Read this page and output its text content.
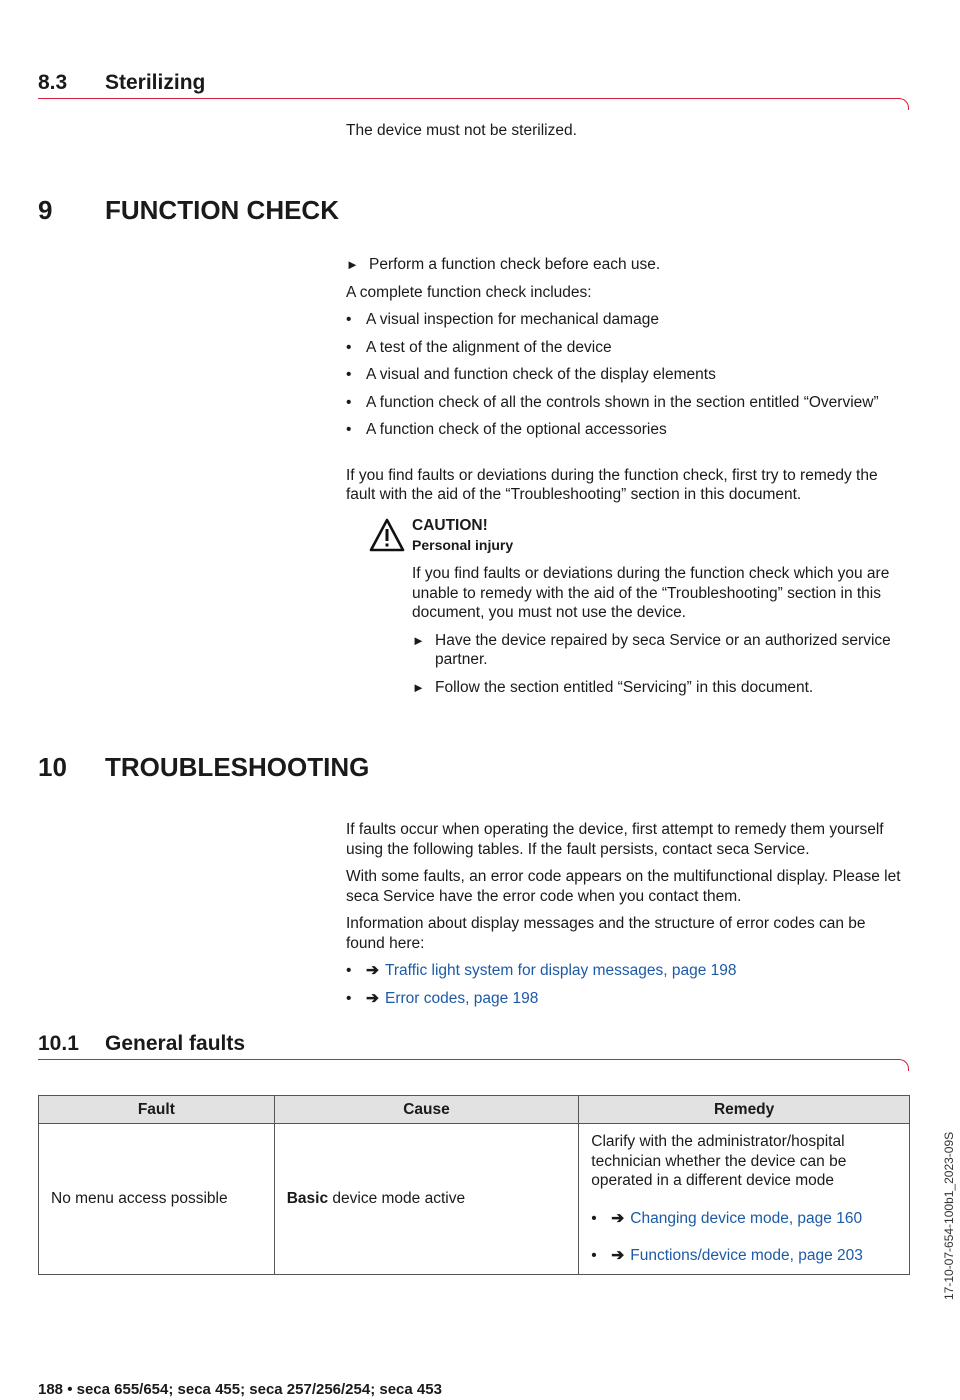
8.3 Sterilizing

The device must not be sterilized.

9 FUNCTION CHECK

► Perform a function check before each use.

A complete function check includes:

• A visual inspection for mechanical damage

• A test of the alignment of the device

• A visual and function check of the display elements

• A function check of all the controls shown in the section entitled “Overview”

• A function check of the optional accessories

If you find faults or deviations during the function check, first try to remedy the fault with the aid of the “Troubleshooting” section in this document.

CAUTION!

Personal injury

If you find faults or deviations during the function check which you are unable to remedy with the aid of the “Troubleshooting” section in this document, you must not use the device.

► Have the device repaired by seca Service or an authorized service partner.

► Follow the section entitled “Servicing” in this document.

10 TROUBLESHOOTING

If faults occur when operating the device, first attempt to remedy them yourself using the following tables. If the fault persists, contact seca Service.

With some faults, an error code appears on the multifunctional display. Please let seca Service have the error code when you contact them.

Information about display messages and the structure of error codes can be found here:

• ➔ Traffic light system for display messages, page 198

• ➔ Error codes, page 198

10.1 General faults
Fault	Cause	Remedy
No menu access possible	Basic device mode active	Clarify with the administrator/hospital technician whether the device can be operated in a different device mode

• ➔ Changing device mode, page 160

• ➔ Functions/device mode, page 203	17-10-07-654-100b1_2023-09S
188 • seca 655/654; seca 455; seca 257/256/254; seca 453
